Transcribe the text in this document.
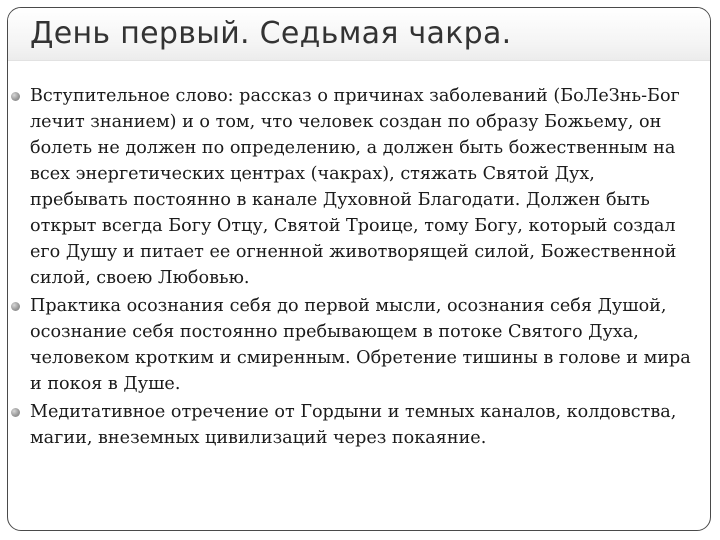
День первый. Седьмая чакра.
Вступительное слово: рассказ о причинах заболеваний (БоЛеЗнь-Бог лечит знанием) и о том, что человек создан по образу Божьему, он болеть не должен по определению, а должен быть божественным на всех энергетических центрах (чакрах), стяжать Святой Дух, пребывать постоянно в канале Духовной Благодати. Должен быть открыт всегда Богу Отцу, Святой Троице, тому Богу, который создал его Душу и питает ее огненной животворящей силой, Божественной силой, своею Любовью.
Практика осознания себя до первой мысли, осознания себя Душой, осознание себя постоянно пребывающем в потоке Святого Духа, человеком кротким и смиренным. Обретение тишины в голове и мира и покоя в Душе.
Медитативное отречение от Гордыни и темных каналов, колдовства, магии, внеземных цивилизаций через покаяние.
